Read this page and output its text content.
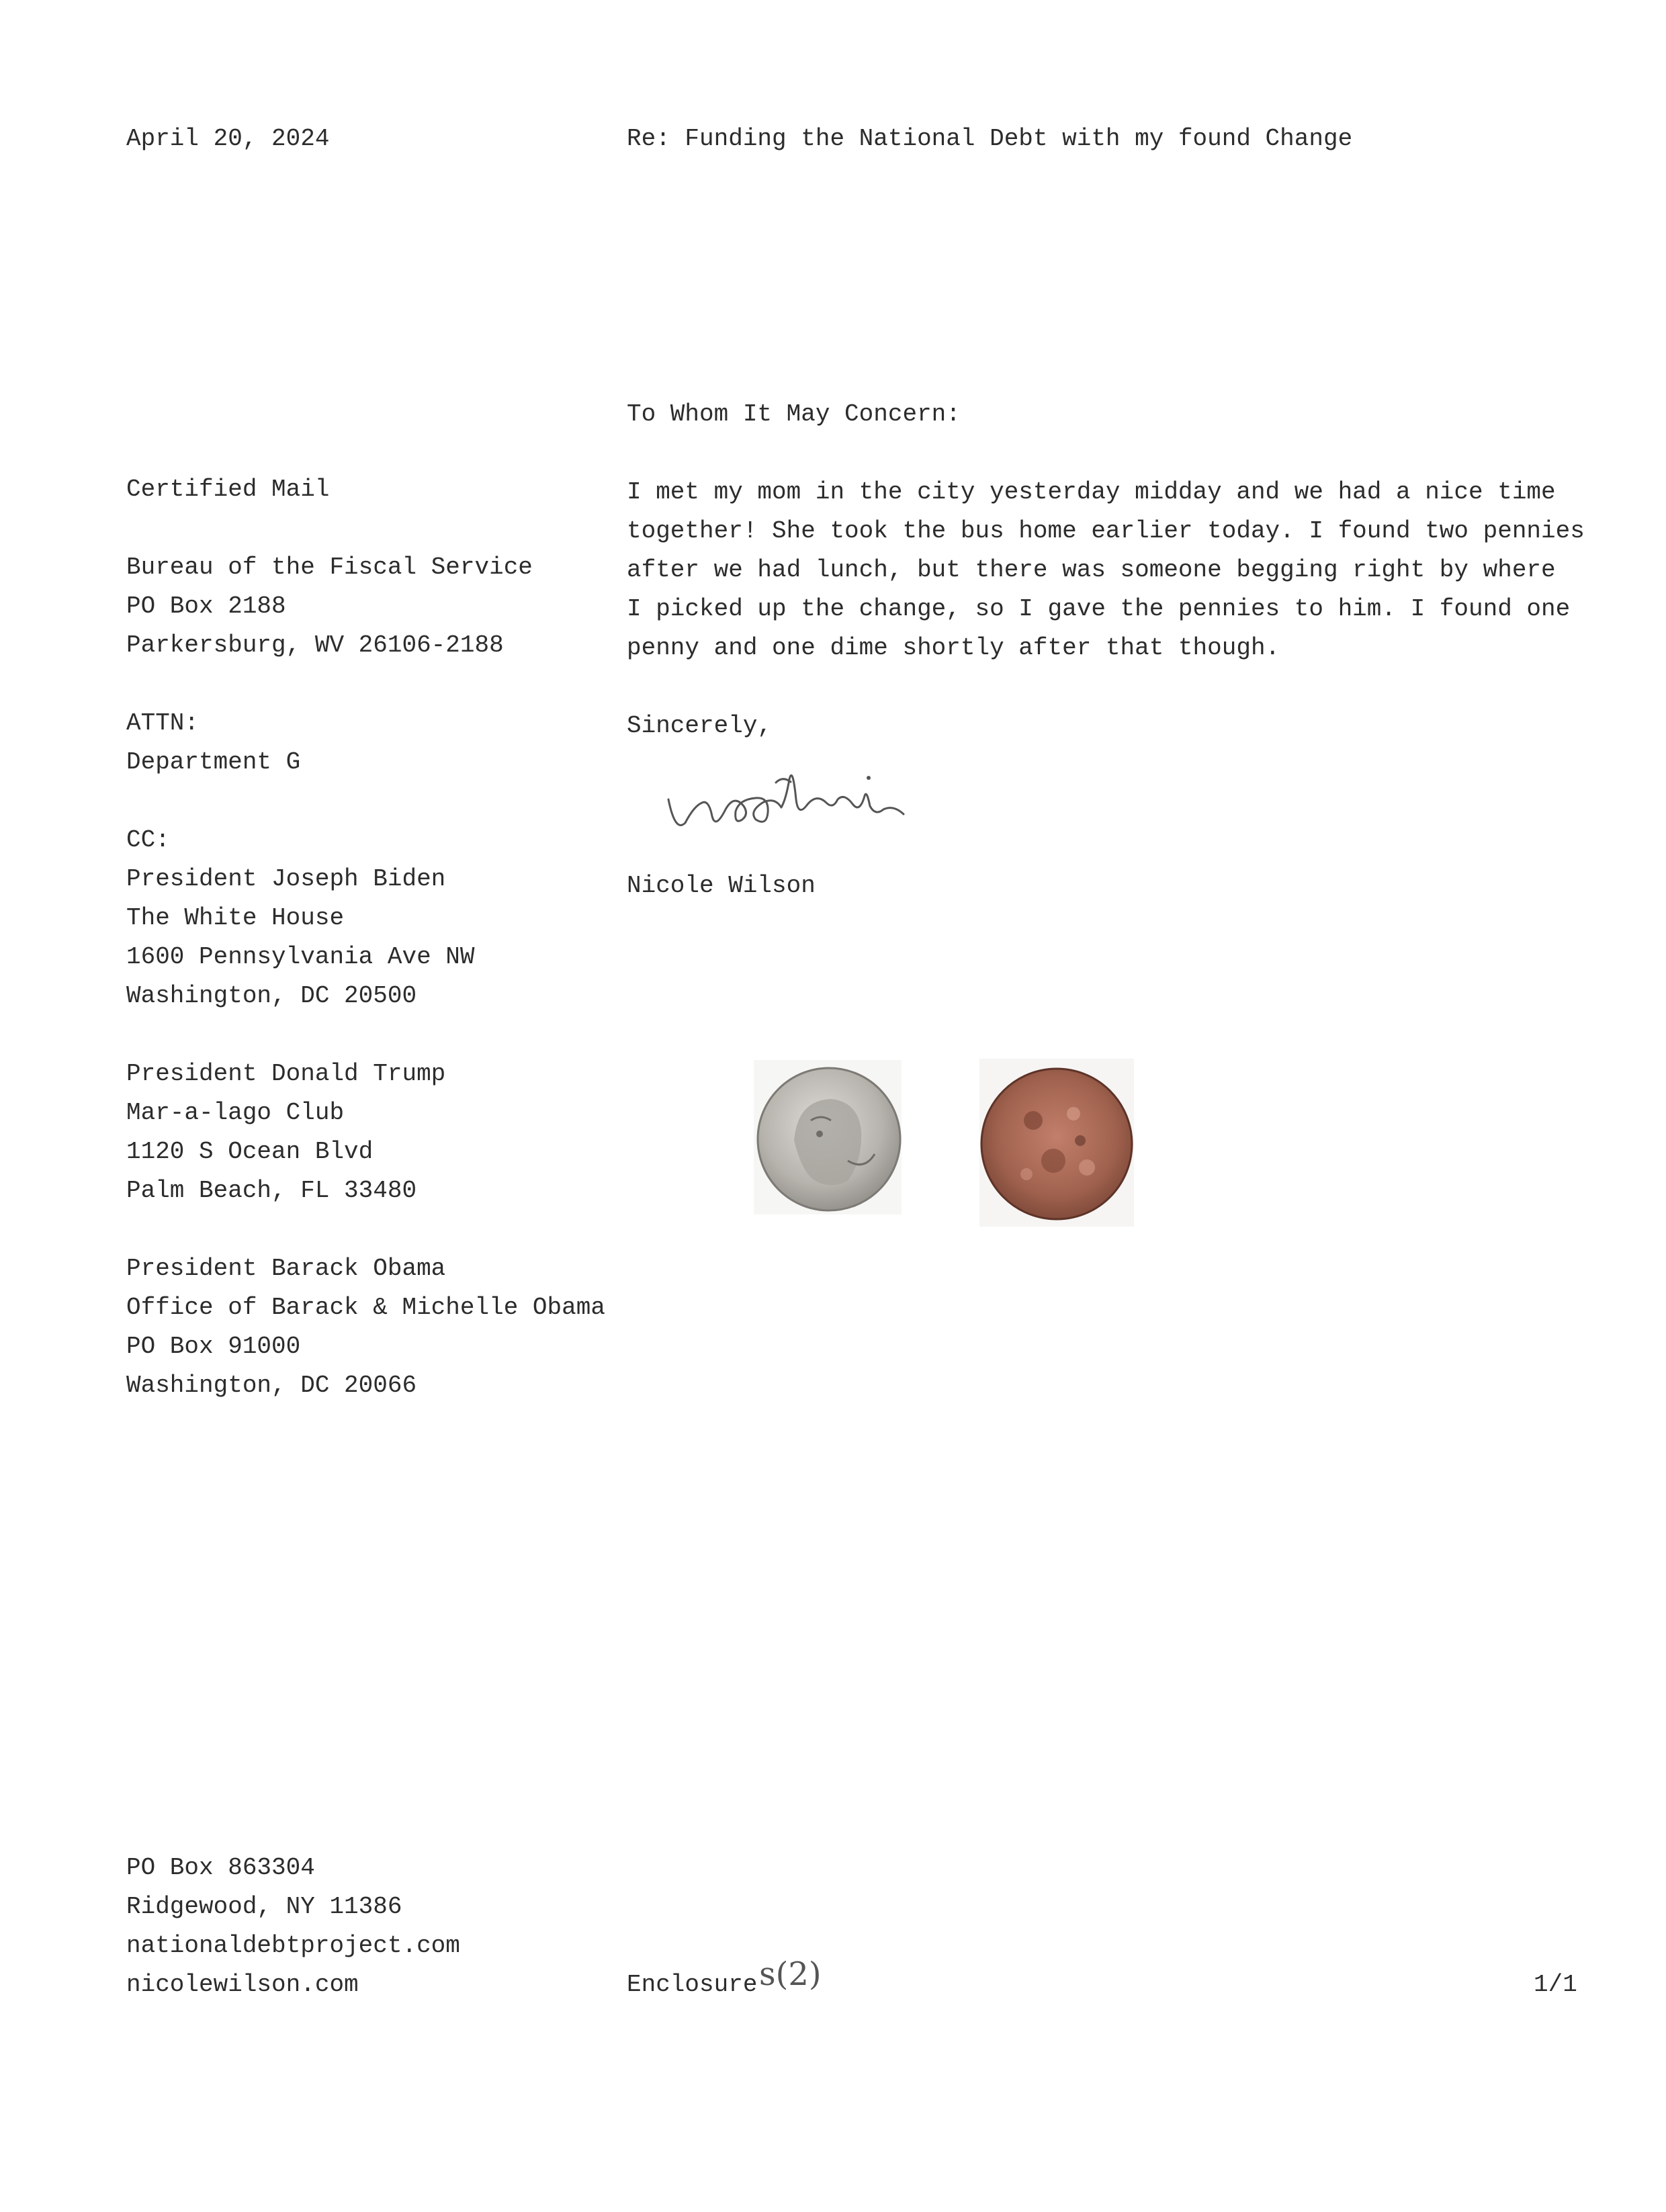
April 20, 2024	Re: Funding the National Debt with my found Change
Certified Mail
Bureau of the Fiscal Service
PO Box 2188
Parkersburg, WV 26106-2188
ATTN:
Department G
CC:
President Joseph Biden
The White House
1600 Pennsylvania Ave NW
Washington, DC 20500
President Donald Trump
Mar-a-lago Club
1120 S Ocean Blvd
Palm Beach, FL 33480
President Barack Obama
Office of Barack & Michelle Obama
PO Box 91000
Washington, DC 20066
To Whom It May Concern:
I met my mom in the city yesterday midday and we had a nice time
together! She took the bus home earlier today. I found two pennies
after we had lunch, but there was someone begging right by where
I picked up the change, so I gave the pennies to him. I found one
penny and one dime shortly after that though.
Sincerely,
Nicole Wilson
PO Box 863304
Ridgewood, NY 11386
nationaldebtproject.com
nicolewilson.com	Enclosure s(2)	1/1
